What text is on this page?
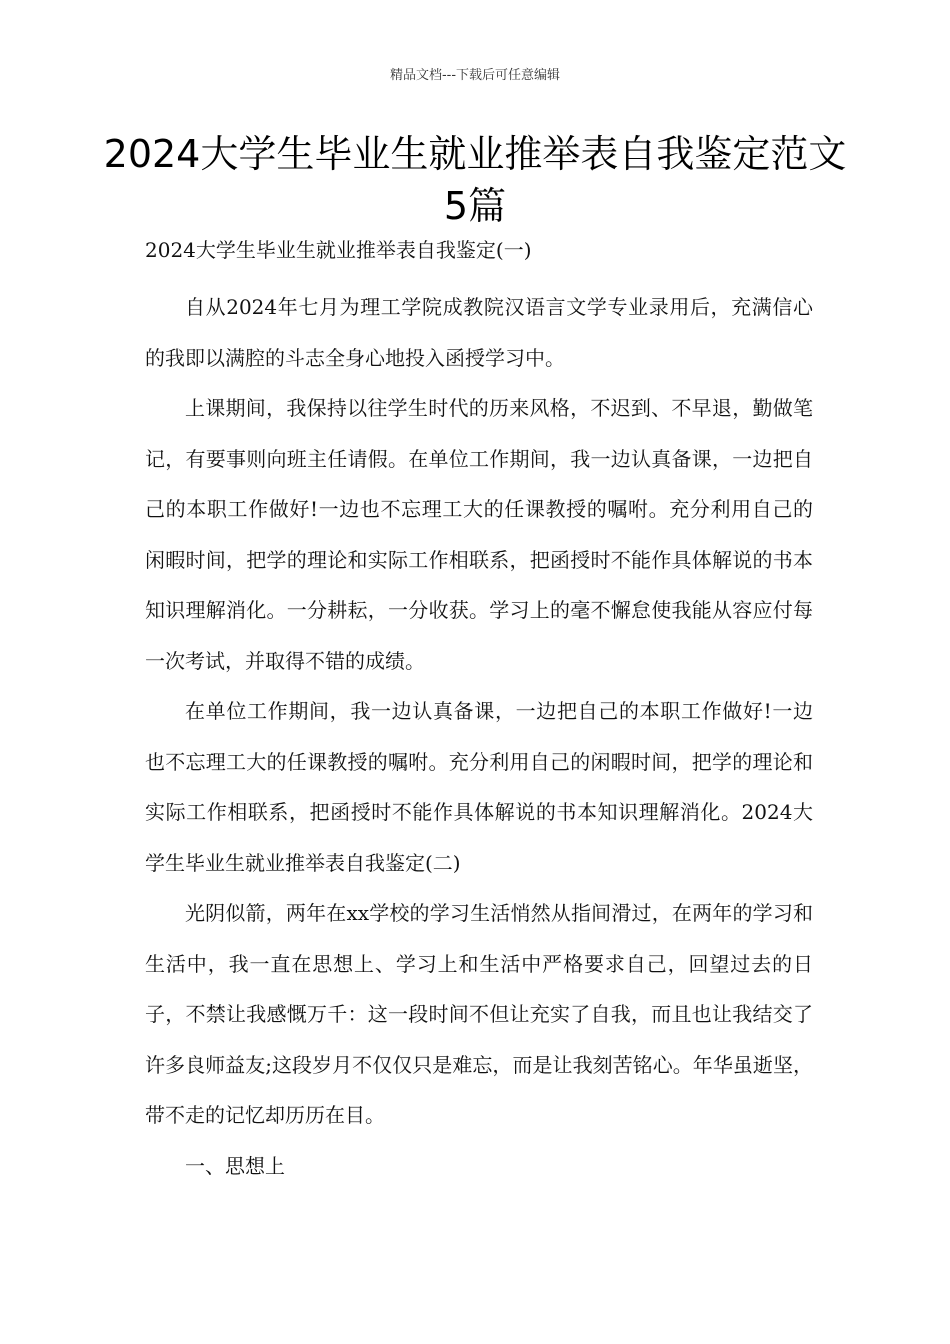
精品文档---下载后可任意编辑
2024大学生毕业生就业推举表自我鉴定范文5篇

2024大学生毕业生就业推举表自我鉴定(一)

自从2024年七月为理工学院成教院汉语言文学专业录用后，充满信心的我即以满腔的斗志全身心地投入函授学习中。

上课期间，我保持以往学生时代的历来风格，不迟到、不早退，勤做笔记，有要事则向班主任请假。在单位工作期间，我一边认真备课，一边把自己的本职工作做好!一边也不忘理工大的任课教授的嘱咐。充分利用自己的闲暇时间，把学的理论和实际工作相联系，把函授时不能作具体解说的书本知识理解消化。一分耕耘，一分收获。学习上的毫不懈怠使我能从容应付每一次考试，并取得不错的成绩。

在单位工作期间，我一边认真备课，一边把自己的本职工作做好!一边也不忘理工大的任课教授的嘱咐。充分利用自己的闲暇时间，把学的理论和实际工作相联系，把函授时不能作具体解说的书本知识理解消化。2024大学生毕业生就业推举表自我鉴定(二)

光阴似箭，两年在xx学校的学习生活悄然从指间滑过，在两年的学习和生活中，我一直在思想上、学习上和生活中严格要求自己，回望过去的日子，不禁让我感慨万千：这一段时间不但让充实了自我，而且也让我结交了许多良师益友;这段岁月不仅仅只是难忘，而是让我刻苦铭心。年华虽逝坚，带不走的记忆却历历在目。

一、思想上
